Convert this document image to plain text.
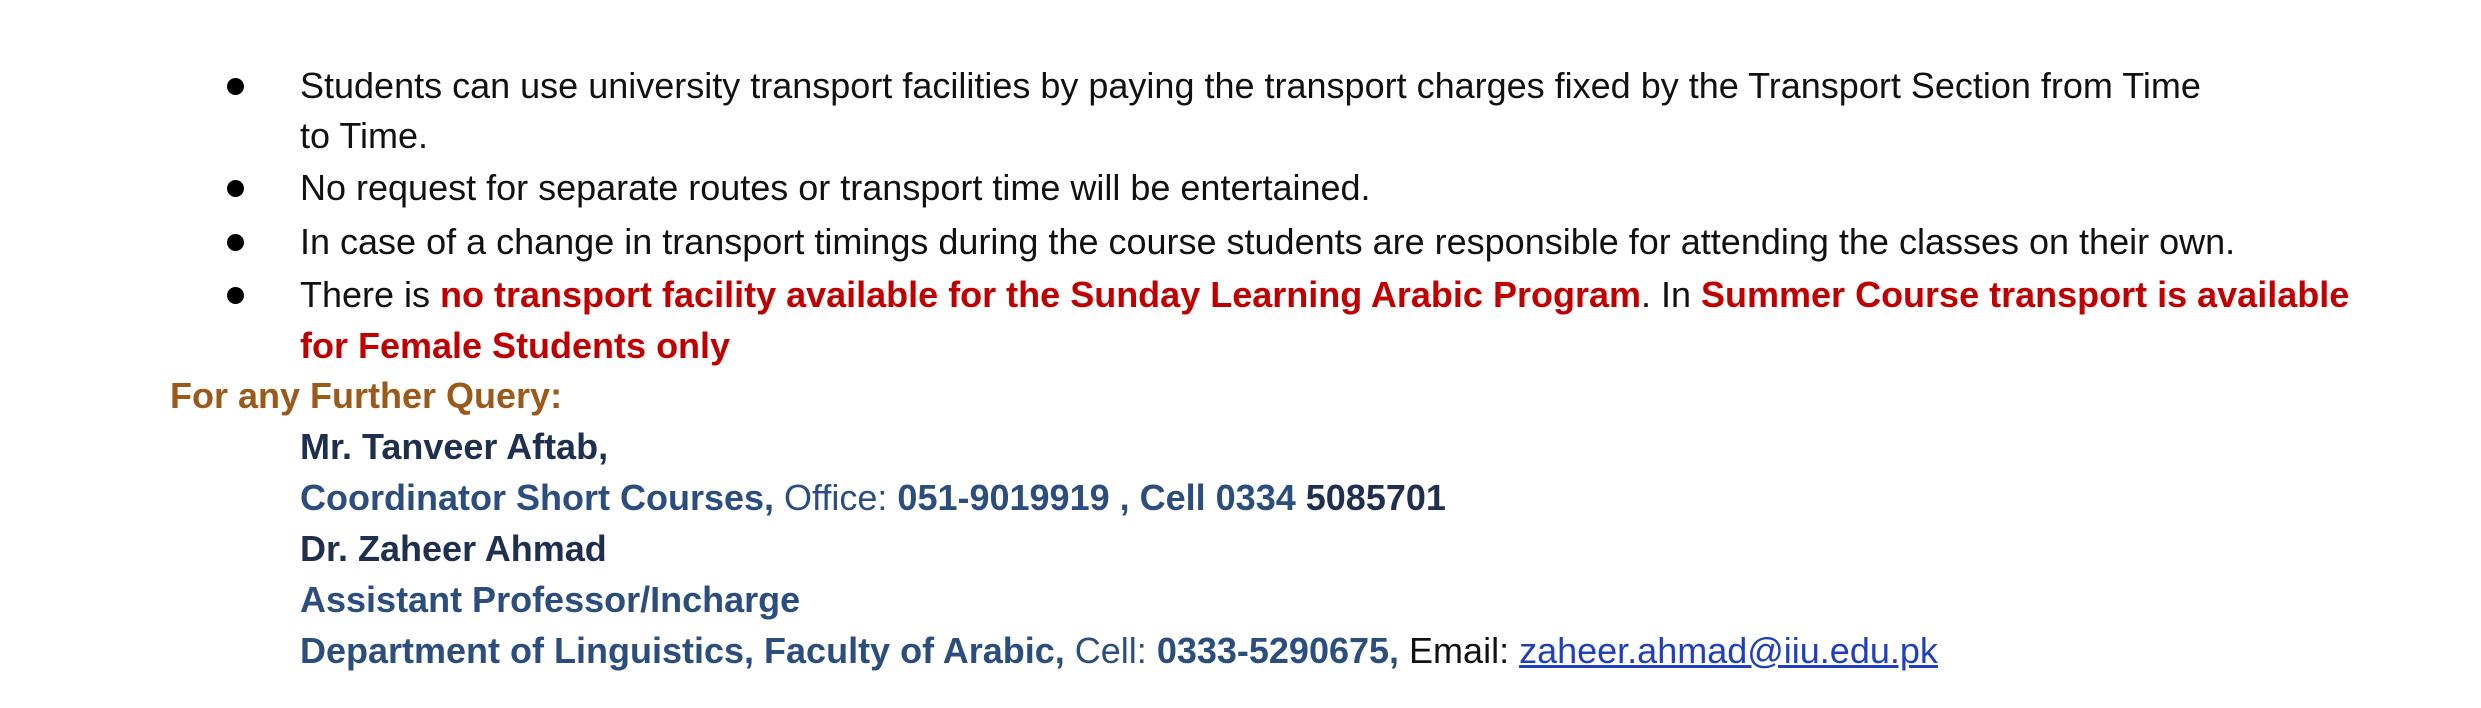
Students can use university transport facilities by paying the transport charges fixed by the Transport Section from Time
to Time.
No request for separate routes or transport time will be entertained.
In case of a change in transport timings during the course students are responsible for attending the classes on their own.
There is no transport facility available for the Sunday Learning Arabic Program. In Summer Course transport is available
for Female Students only
For any Further Query:
Mr. Tanveer Aftab,
Coordinator Short Courses, Office: 051-9019919 , Cell 0334 5085701
Dr. Zaheer Ahmad
Assistant Professor/Incharge
Department of Linguistics, Faculty of Arabic, Cell: 0333-5290675, Email: zaheer.ahmad@iiu.edu.pk
